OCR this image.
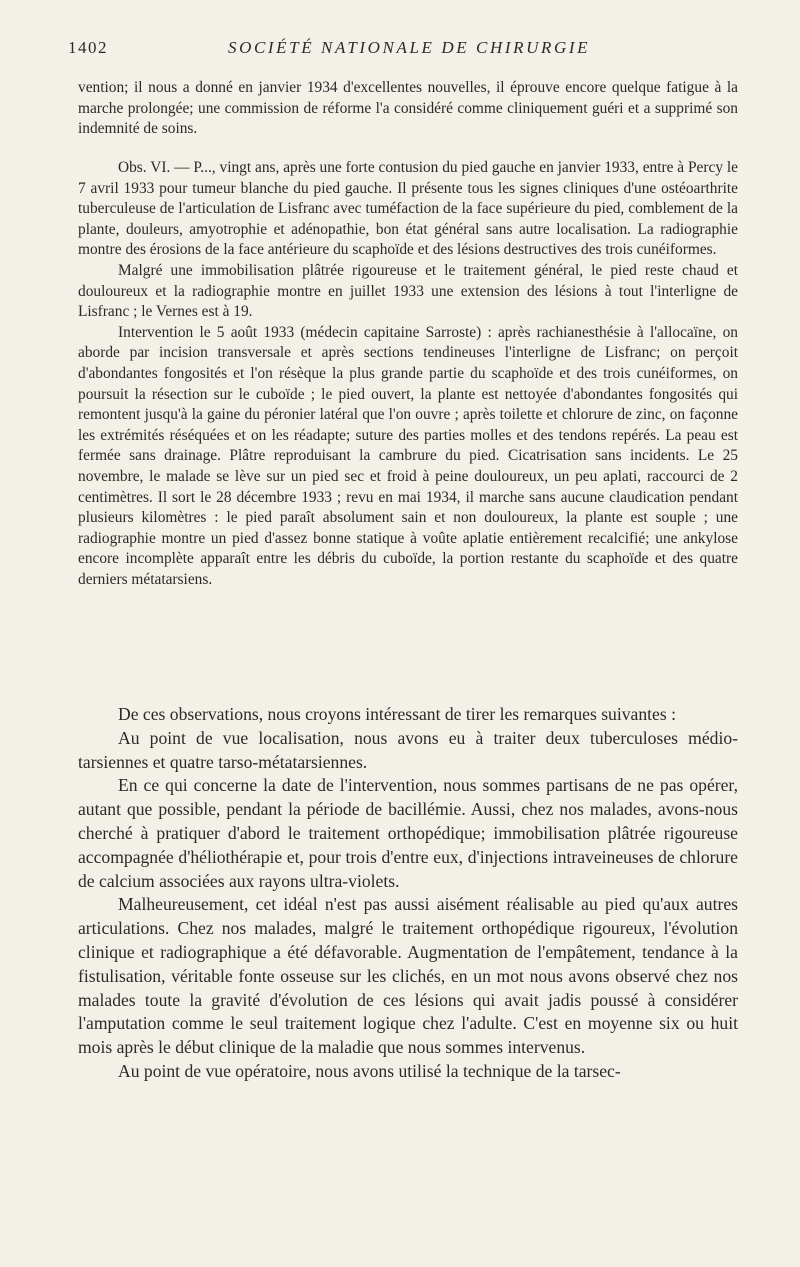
1402	SOCIÉTÉ NATIONALE DE CHIRURGIE

vention; il nous a donné en janvier 1934 d'excellentes nouvelles, il éprouve encore quelque fatigue à la marche prolongée; une commission de réforme l'a considéré comme cliniquement guéri et a supprimé son indemnité de soins.

Obs. VI. — P..., vingt ans, après une forte contusion du pied gauche en janvier 1933, entre à Percy le 7 avril 1933 pour tumeur blanche du pied gauche. Il présente tous les signes cliniques d'une ostéoarthrite tuberculeuse de l'articulation de Lisfranc avec tuméfaction de la face supérieure du pied, comblement de la plante, douleurs, amyotrophie et adénopathie, bon état général sans autre localisation. La radiographie montre des érosions de la face antérieure du scaphoïde et des lésions destructives des trois cunéiformes.

Malgré une immobilisation plâtrée rigoureuse et le traitement général, le pied reste chaud et douloureux et la radiographie montre en juillet 1933 une extension des lésions à tout l'interligne de Lisfranc ; le Vernes est à 19.

Intervention le 5 août 1933 (médecin capitaine Sarroste) : après rachianesthésie à l'allocaïne, on aborde par incision transversale et après sections tendineuses l'interligne de Lisfranc; on perçoit d'abondantes fongosités et l'on résèque la plus grande partie du scaphoïde et des trois cunéiformes, on poursuit la résection sur le cuboïde ; le pied ouvert, la plante est nettoyée d'abondantes fongosités qui remontent jusqu'à la gaine du péronier latéral que l'on ouvre ; après toilette et chlorure de zinc, on façonne les extrémités réséquées et on les réadapte; suture des parties molles et des tendons repérés. La peau est fermée sans drainage. Plâtre reproduisant la cambrure du pied. Cicatrisation sans incidents. Le 25 novembre, le malade se lève sur un pied sec et froid à peine douloureux, un peu aplati, raccourci de 2 centimètres. Il sort le 28 décembre 1933 ; revu en mai 1934, il marche sans aucune claudication pendant plusieurs kilomètres : le pied paraît absolument sain et non douloureux, la plante est souple ; une radiographie montre un pied d'assez bonne statique à voûte aplatie entièrement recalcifié; une ankylose encore incomplète apparaît entre les débris du cuboïde, la portion restante du scaphoïde et des quatre derniers métatarsiens.

De ces observations, nous croyons intéressant de tirer les remarques suivantes :

Au point de vue localisation, nous avons eu à traiter deux tuberculoses médio-tarsiennes et quatre tarso-métatarsiennes.

En ce qui concerne la date de l'intervention, nous sommes partisans de ne pas opérer, autant que possible, pendant la période de bacillémie. Aussi, chez nos malades, avons-nous cherché à pratiquer d'abord le traitement orthopédique; immobilisation plâtrée rigoureuse accompagnée d'héliothérapie et, pour trois d'entre eux, d'injections intraveineuses de chlorure de calcium associées aux rayons ultra-violets.

Malheureusement, cet idéal n'est pas aussi aisément réalisable au pied qu'aux autres articulations. Chez nos malades, malgré le traitement orthopédique rigoureux, l'évolution clinique et radiographique a été défavorable. Augmentation de l'empâtement, tendance à la fistulisation, véritable fonte osseuse sur les clichés, en un mot nous avons observé chez nos malades toute la gravité d'évolution de ces lésions qui avait jadis poussé à considérer l'amputation comme le seul traitement logique chez l'adulte. C'est en moyenne six ou huit mois après le début clinique de la maladie que nous sommes intervenus.

Au point de vue opératoire, nous avons utilisé la technique de la tarsec-
